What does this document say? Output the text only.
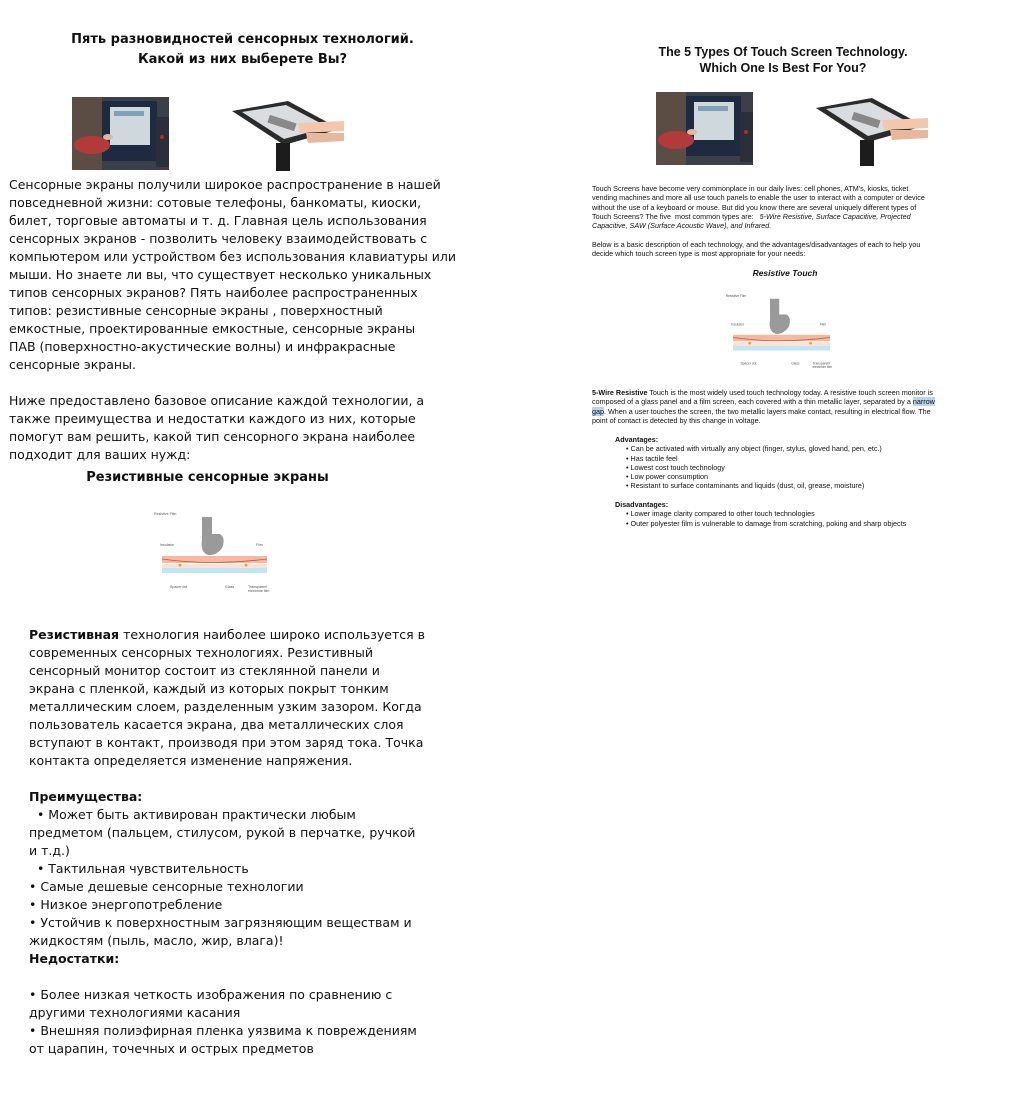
Пять разновидностей сенсорных технологий.
Какой из них выберете Вы?

Сенсорные экраны получили широкое распространение в нашей
повседневной жизни: сотовые телефоны, банкоматы, киоски,
билет, торговые автоматы и т. д. Главная цель использования
сенсорных экранов - позволить человеку взаимодействовать с
компьютером или устройством без использования клавиатуры или
мыши. Но знаете ли вы, что существует несколько уникальных
типов сенсорных экранов? Пять наиболее распространенных
типов: резистивные сенсорные экраны , поверхностный
емкостные, проектированные емкостные, сенсорные экраны
ПАВ (поверхностно-акустические волны) и инфракрасные
сенсорные экраны.

Ниже предоставлено базовое описание каждой технологии, а
также преимущества и недостатки каждого из них, которые
помогут вам решить, какой тип сенсорного экрана наиболее
подходит для ваших нужд:

Резистивные сенсорные экраны
Resistive Film
Insulator	Film
Spacer dot	Glass	Transparent
electrode film

Резистивная технология наиболее широко используется в
современных сенсорных технологиях. Резистивный
сенсорный монитор состоит из стеклянной панели и
экрана с пленкой, каждый из которых покрыт тонким
металлическим слоем, разделенным узким зазором. Когда
пользователь касается экрана, два металлических слоя
вступают в контакт, производя при этом заряд тока. Точка
контакта определяется изменение напряжения.

Преимущества:
• Может быть активирован практически любым
предметом (пальцем, стилусом, рукой в перчатке, ручкой
и т.д.)
• Тактильная чувствительность
• Самые дешевые сенсорные технологии
• Низкое энергопотребление
• Устойчив к поверхностным загрязняющим веществам и
жидкостям (пыль, масло, жир, влага)!
Недостатки:

• Более низкая четкость изображения по сравнению с
другими технологиями касания
• Внешняя полиэфирная пленка уязвима к повреждениям
от царапин, точечных и острых предметов

The 5 Types Of Touch Screen Technology.
Which One Is Best For You?
Touch Screens have become very commonplace in our daily lives: cell phones, ATM's, kiosks, ticket
vending machines and more all use touch panels to enable the user to interact with a computer or device
without the use of a keyboard or mouse. But did you know there are several uniquely different types of
Touch Screens? The five  most common types are:   5-Wire Resistive, Surface Capacitive, Projected
Capacitive, SAW (Surface Acoustic Wave), and Infrared.
Below is a basic description of each technology, and the advantages/disadvantages of each to help you
decide which touch screen type is most appropriate for your needs:
Resistive Touch
Resistive Film
Insulator	Film
Spacer dot	Glass	Transparent
electrode film
5-Wire Resistive Touch is the most widely used touch technology today. A resistive touch screen monitor is
composed of a glass panel and a film screen, each covered with a thin metallic layer, separated by a narrow
gap. When a user touches the screen, the two metallic layers make contact, resulting in electrical flow. The
point of contact is detected by this change in voltage.
Advantages:
• Can be activated with virtually any object (finger, stylus, gloved hand, pen, etc.)
• Has tactile feel
• Lowest cost touch technology
• Low power consumption
• Resistant to surface contaminants and liquids (dust, oil, grease, moisture)
Disadvantages:
• Lower image clarity compared to other touch technologies
• Outer polyester film is vulnerable to damage from scratching, poking and sharp objects
